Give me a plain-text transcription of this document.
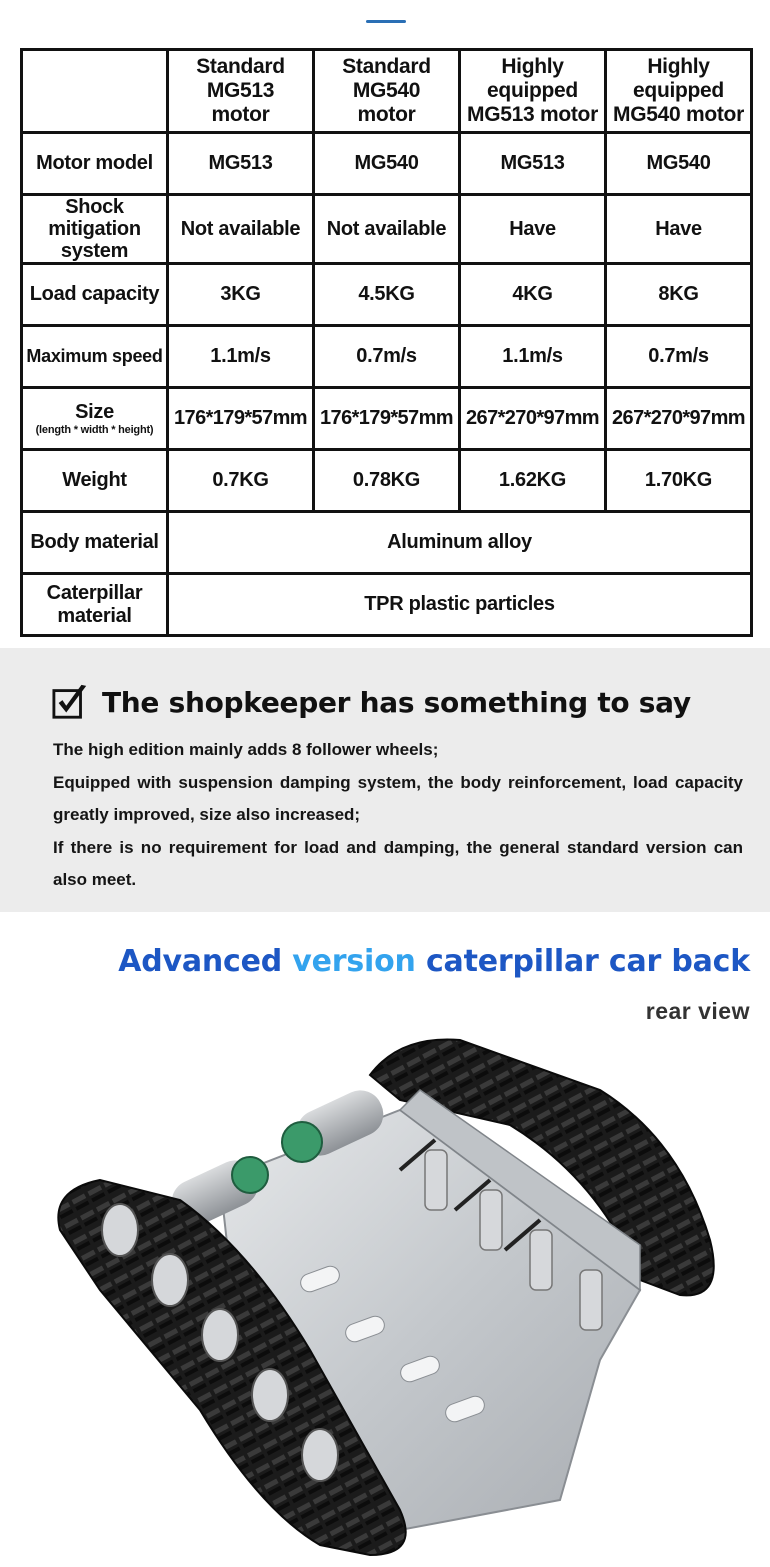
	Standard
MG513
motor	Standard
MG540
motor	Highly
equipped
MG513 motor	Highly
equipped
MG540 motor
Motor model	MG513	MG540	MG513	MG540
Shock mitigation
system	Not available	Not available	Have	Have
Load capacity	3KG	4.5KG	4KG	8KG
Maximum speed	1.1m/s	0.7m/s	1.1m/s	0.7m/s
Size
(length * width * height)	176*179*57mm	176*179*57mm	267*270*97mm	267*270*97mm
Weight	0.7KG	0.78KG	1.62KG	1.70KG
Body material	Aluminum alloy			
Caterpillar
material	TPR plastic particles			
The shopkeeper has something to say

The high edition mainly adds 8 follower wheels;

Equipped with suspension damping system, the body reinforcement, load capacity greatly improved, size also increased;

If there is no requirement for load and damping, the general standard version can also meet.

Advanced version caterpillar car back
rear view
